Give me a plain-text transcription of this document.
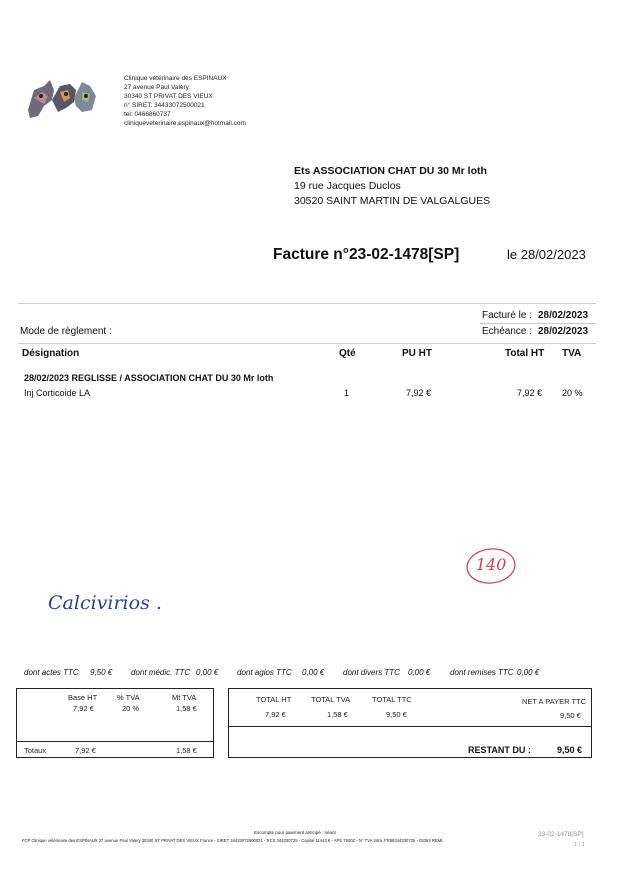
Clinique vétérinaire des ESPINAUX
27 avenue Paul Valery
30340 ST PRIVAT DES VIEUX
n° SIRET: 34433072500021
tel: 0466860737
cliniqueveterinaire.espinaux@hotmail.com
Ets ASSOCIATION CHAT DU 30 Mr loth
19 rue Jacques Duclos
30520 SAINT MARTIN DE VALGALGUES
Facture n°23-02-1478[SP]	le 28/02/2023
Facturé le : 28/02/2023
Echéance : 28/02/2023
Mode de règlement :
Désignation	Qté	PU HT	Total HT TVA
28/02/2023 REGLISSE / ASSOCIATION CHAT DU 30 Mr loth
Inj Corticoide LA	1	7,92 €	7,92 € 20 %
140
Calcivirios .
dont actes TTC 9,50 € dont médic. TTC 0,00 € dont agios TTC 0,00 € dont divers TTC 0,00 € dont remises TTC 0,00 €
Base HT	% TVA	Mt TVA
7,92 €	20 %	1,58 €
Totaux	7,92 €	1,58 €
TOTAL HT	TOTAL TVA	TOTAL TTC	NET A PAYER TTC
7,92 €	1,58 €	9,50 €	9,50 €
RESTANT DU :	9,50 €
Escompte pour paiement anticipé : néant
FCP Clinique vétérinaire des ESPINAUX 27 avenue Paul Valery 30340 ST PRIVAT DES VIEUX France - SIRET 34433072500021 - RCS 344330725 - Capital 11443 € - APE 7500Z - N° TVA Intra. FR96344330725 - 03363 REMc
23-02-1478[SP]
1 / 1
